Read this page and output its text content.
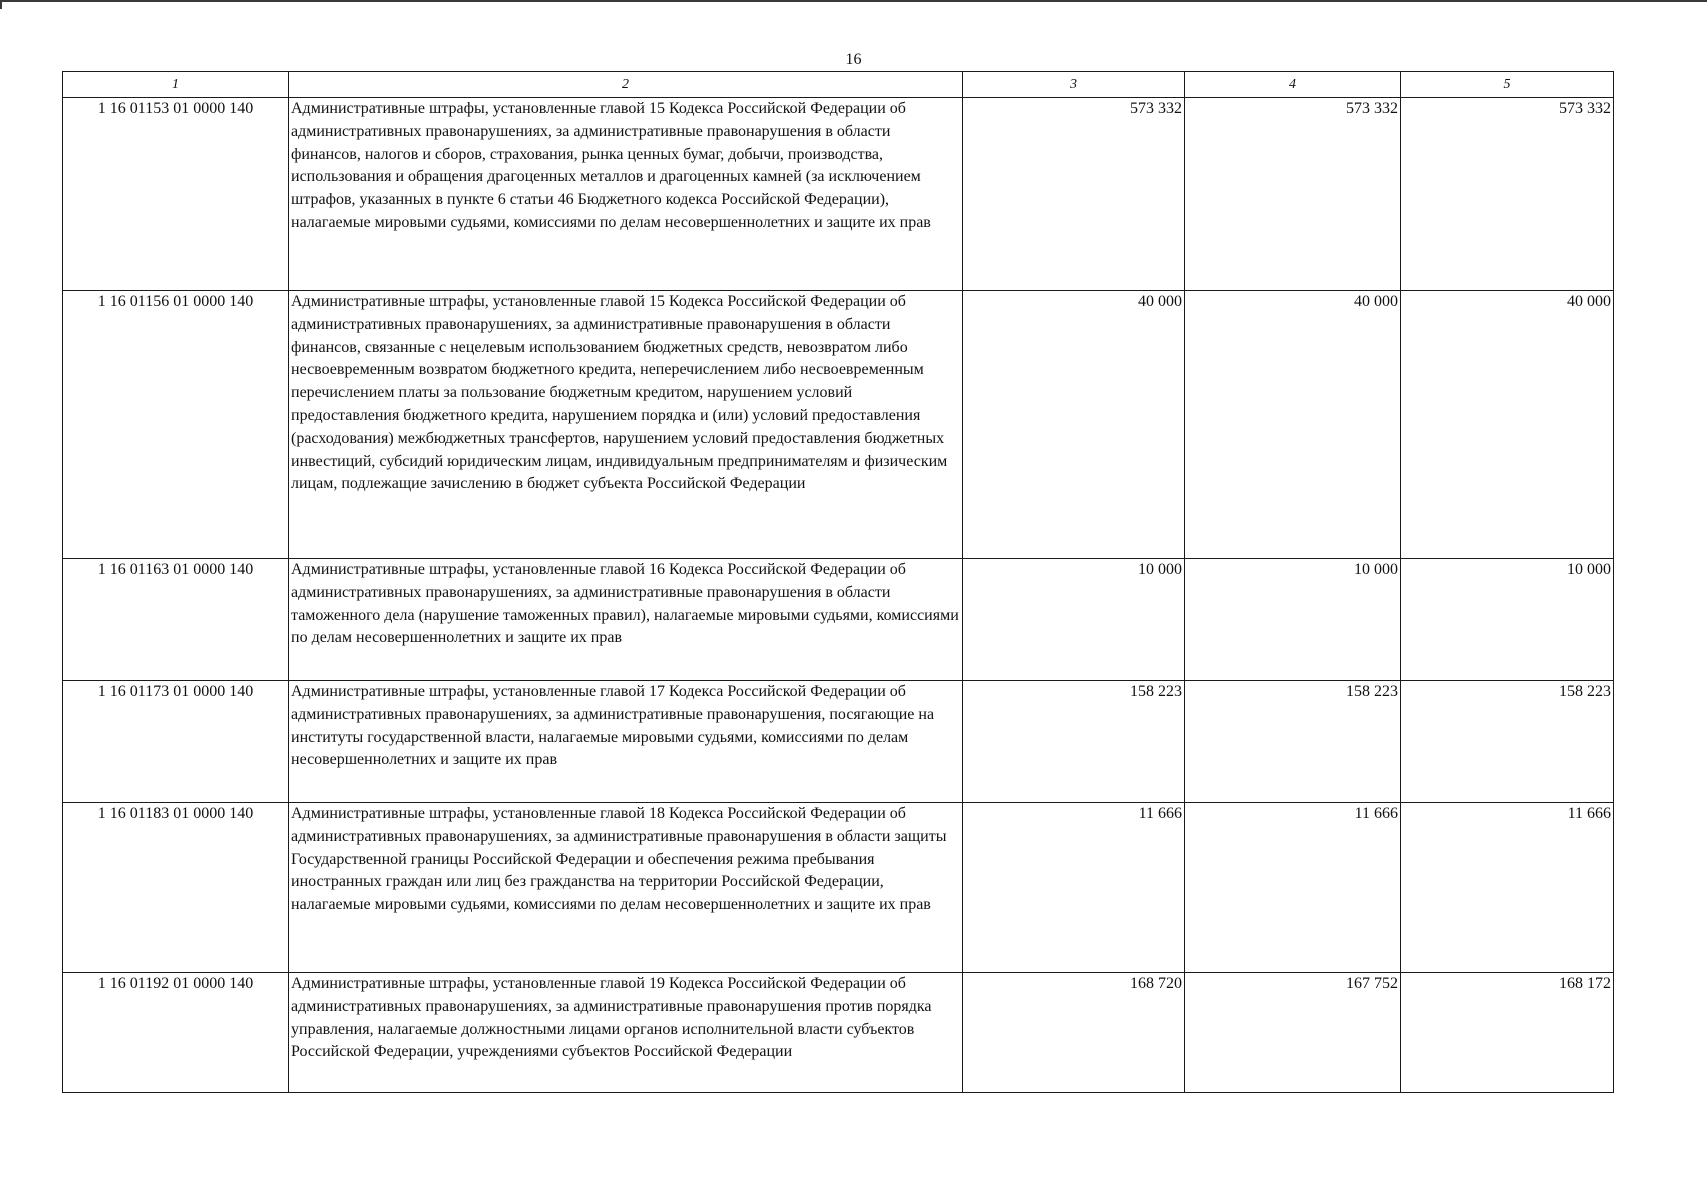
16
1	2	3	4	5
1 16 01153 01 0000 140	Административные штрафы, установленные главой 15 Кодекса Российской Федерации об административных правонарушениях, за административные правонарушения в области финансов, налогов и сборов, страхования, рынка ценных бумаг, добычи, производства, использования и обращения драгоценных металлов и драгоценных камней (за исключением штрафов, указанных в пункте 6 статьи 46 Бюджетного кодекса Российской Федерации), налагаемые мировыми судьями, комиссиями по делам несовершеннолетних и защите их прав	573 332	573 332	573 332
1 16 01156 01 0000 140	Административные штрафы, установленные главой 15 Кодекса Российской Федерации об административных правонарушениях, за административные правонарушения в области финансов, связанные с нецелевым использованием бюджетных средств, невозвратом либо несвоевременным возвратом бюджетного кредита, неперечислением либо несвоевременным перечислением платы за пользование бюджетным кредитом, нарушением условий предоставления бюджетного кредита, нарушением порядка и (или) условий предоставления (расходования) межбюджетных трансфертов, нарушением условий предоставления бюджетных инвестиций, субсидий юридическим лицам, индивидуальным предпринимателям и физическим лицам, подлежащие зачислению в бюджет субъекта Российской Федерации	40 000	40 000	40 000
1 16 01163 01 0000 140	Административные штрафы, установленные главой 16 Кодекса Российской Федерации об административных правонарушениях, за административные правонарушения в области таможенного дела (нарушение таможенных правил), налагаемые мировыми судьями, комиссиями по делам несовершеннолетних и защите их прав	10 000	10 000	10 000
1 16 01173 01 0000 140	Административные штрафы, установленные главой 17 Кодекса Российской Федерации об административных правонарушениях, за административные правонарушения, посягающие на институты государственной власти, налагаемые мировыми судьями, комиссиями по делам несовершеннолетних и защите их прав	158 223	158 223	158 223
1 16 01183 01 0000 140	Административные штрафы, установленные главой 18 Кодекса Российской Федерации об административных правонарушениях, за административные правонарушения в области защиты Государственной границы Российской Федерации и обеспечения режима пребывания иностранных граждан или лиц без гражданства на территории Российской Федерации, налагаемые мировыми судьями, комиссиями по делам несовершеннолетних и защите их прав	11 666	11 666	11 666
1 16 01192 01 0000 140	Административные штрафы, установленные главой 19 Кодекса Российской Федерации об административных правонарушениях, за административные правонарушения против порядка управления, налагаемые должностными лицами органов исполнительной власти субъектов Российской Федерации, учреждениями субъектов Российской Федерации	168 720	167 752	168 172
